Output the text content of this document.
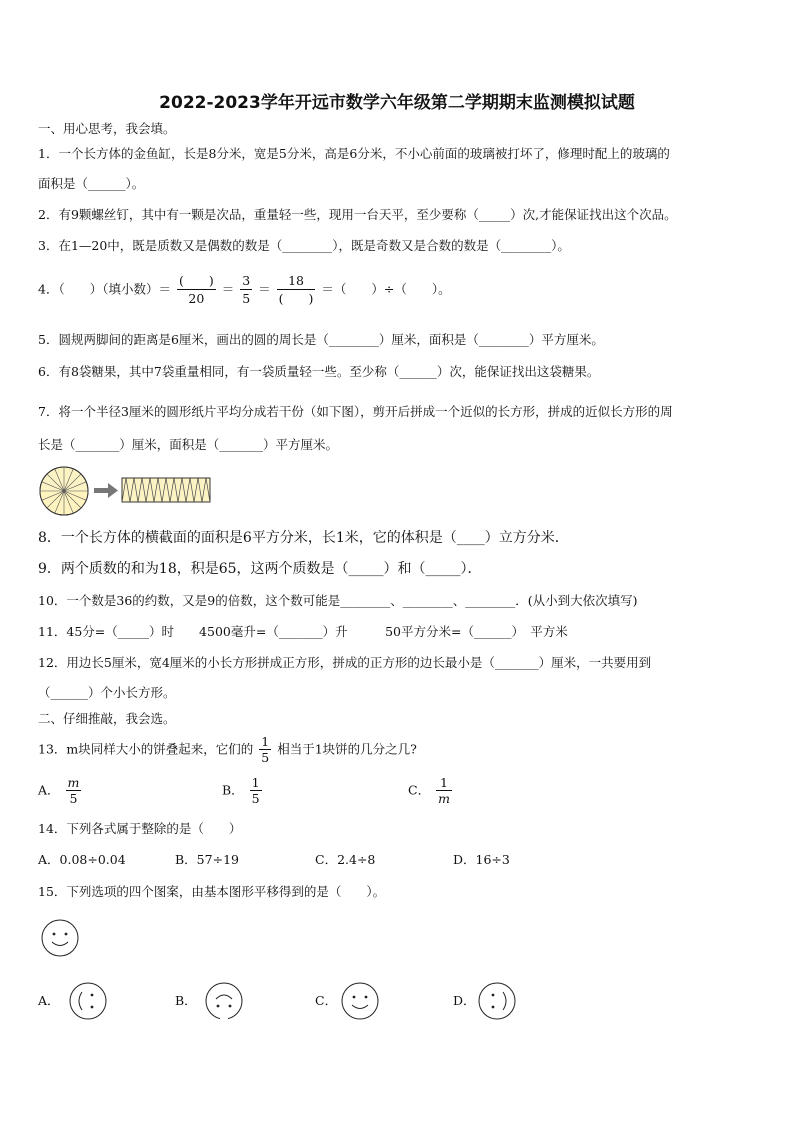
2022-2023学年开远市数学六年级第二学期期末监测模拟试题
一、用心思考，我会填。
1．一个长方体的金鱼缸，长是8分米，宽是5分米，高是6分米，不小心前面的玻璃被打坏了，修理时配上的玻璃的
面积是（______）。
2．有9颗螺丝钉，其中有一颗是次品，重量轻一些，现用一台天平，至少要称（_____）次,才能保证找出这个次品。
3．在1—20中，既是质数又是偶数的数是（________），既是奇数又是合数的数是（________）。
4．（　　）（填小数）＝ $\frac{( )}{20} = \frac{3}{5} = \frac{18}{( )}$ ＝（　　）÷（　　）。
5．圆规两脚间的距离是6厘米，画出的圆的周长是（________）厘米，面积是（________）平方厘米。
6．有8袋糖果，其中7袋重量相同，有一袋质量轻一些。至少称（______）次，能保证找出这袋糖果。
7．将一个半径3厘米的圆形纸片平均分成若干份（如下图），剪开后拼成一个近似的长方形，拼成的近似长方形的周
长是（_______）厘米，面积是（_______）平方厘米。
8．一个长方体的横截面的面积是6平方分米，长1米，它的体积是（____）立方分米．
9．两个质数的和为18，积是65，这两个质数是（_____）和（_____）．
10．一个数是36的约数，又是9的倍数，这个数可能是________、________、________．(从小到大依次填写)
11．45分=（_____）时　　4500毫升=（_______）升　　　50平方分米=（______）　平方米
12．用边长5厘米，宽4厘米的小长方形拼成正方形，拼成的正方形的边长最小是（_______）厘米，一共要用到
（______）个小长方形。
二、仔细推敲，我会选。
13．m块同样大小的饼叠起来，它们的 $\frac{1}{5}$ 相当于1块饼的几分之几?
A． $\frac{m}{5}$	B． $\frac{1}{5}$	C． $\frac{1}{m}$
14．下列各式属于整除的是（　　）
A．0.08÷0.04	B．57÷19	C．2.4÷8	D．16÷3
15．下列选项的四个图案，由基本图形平移得到的是（　　）。
A．	B．	C．	D．
